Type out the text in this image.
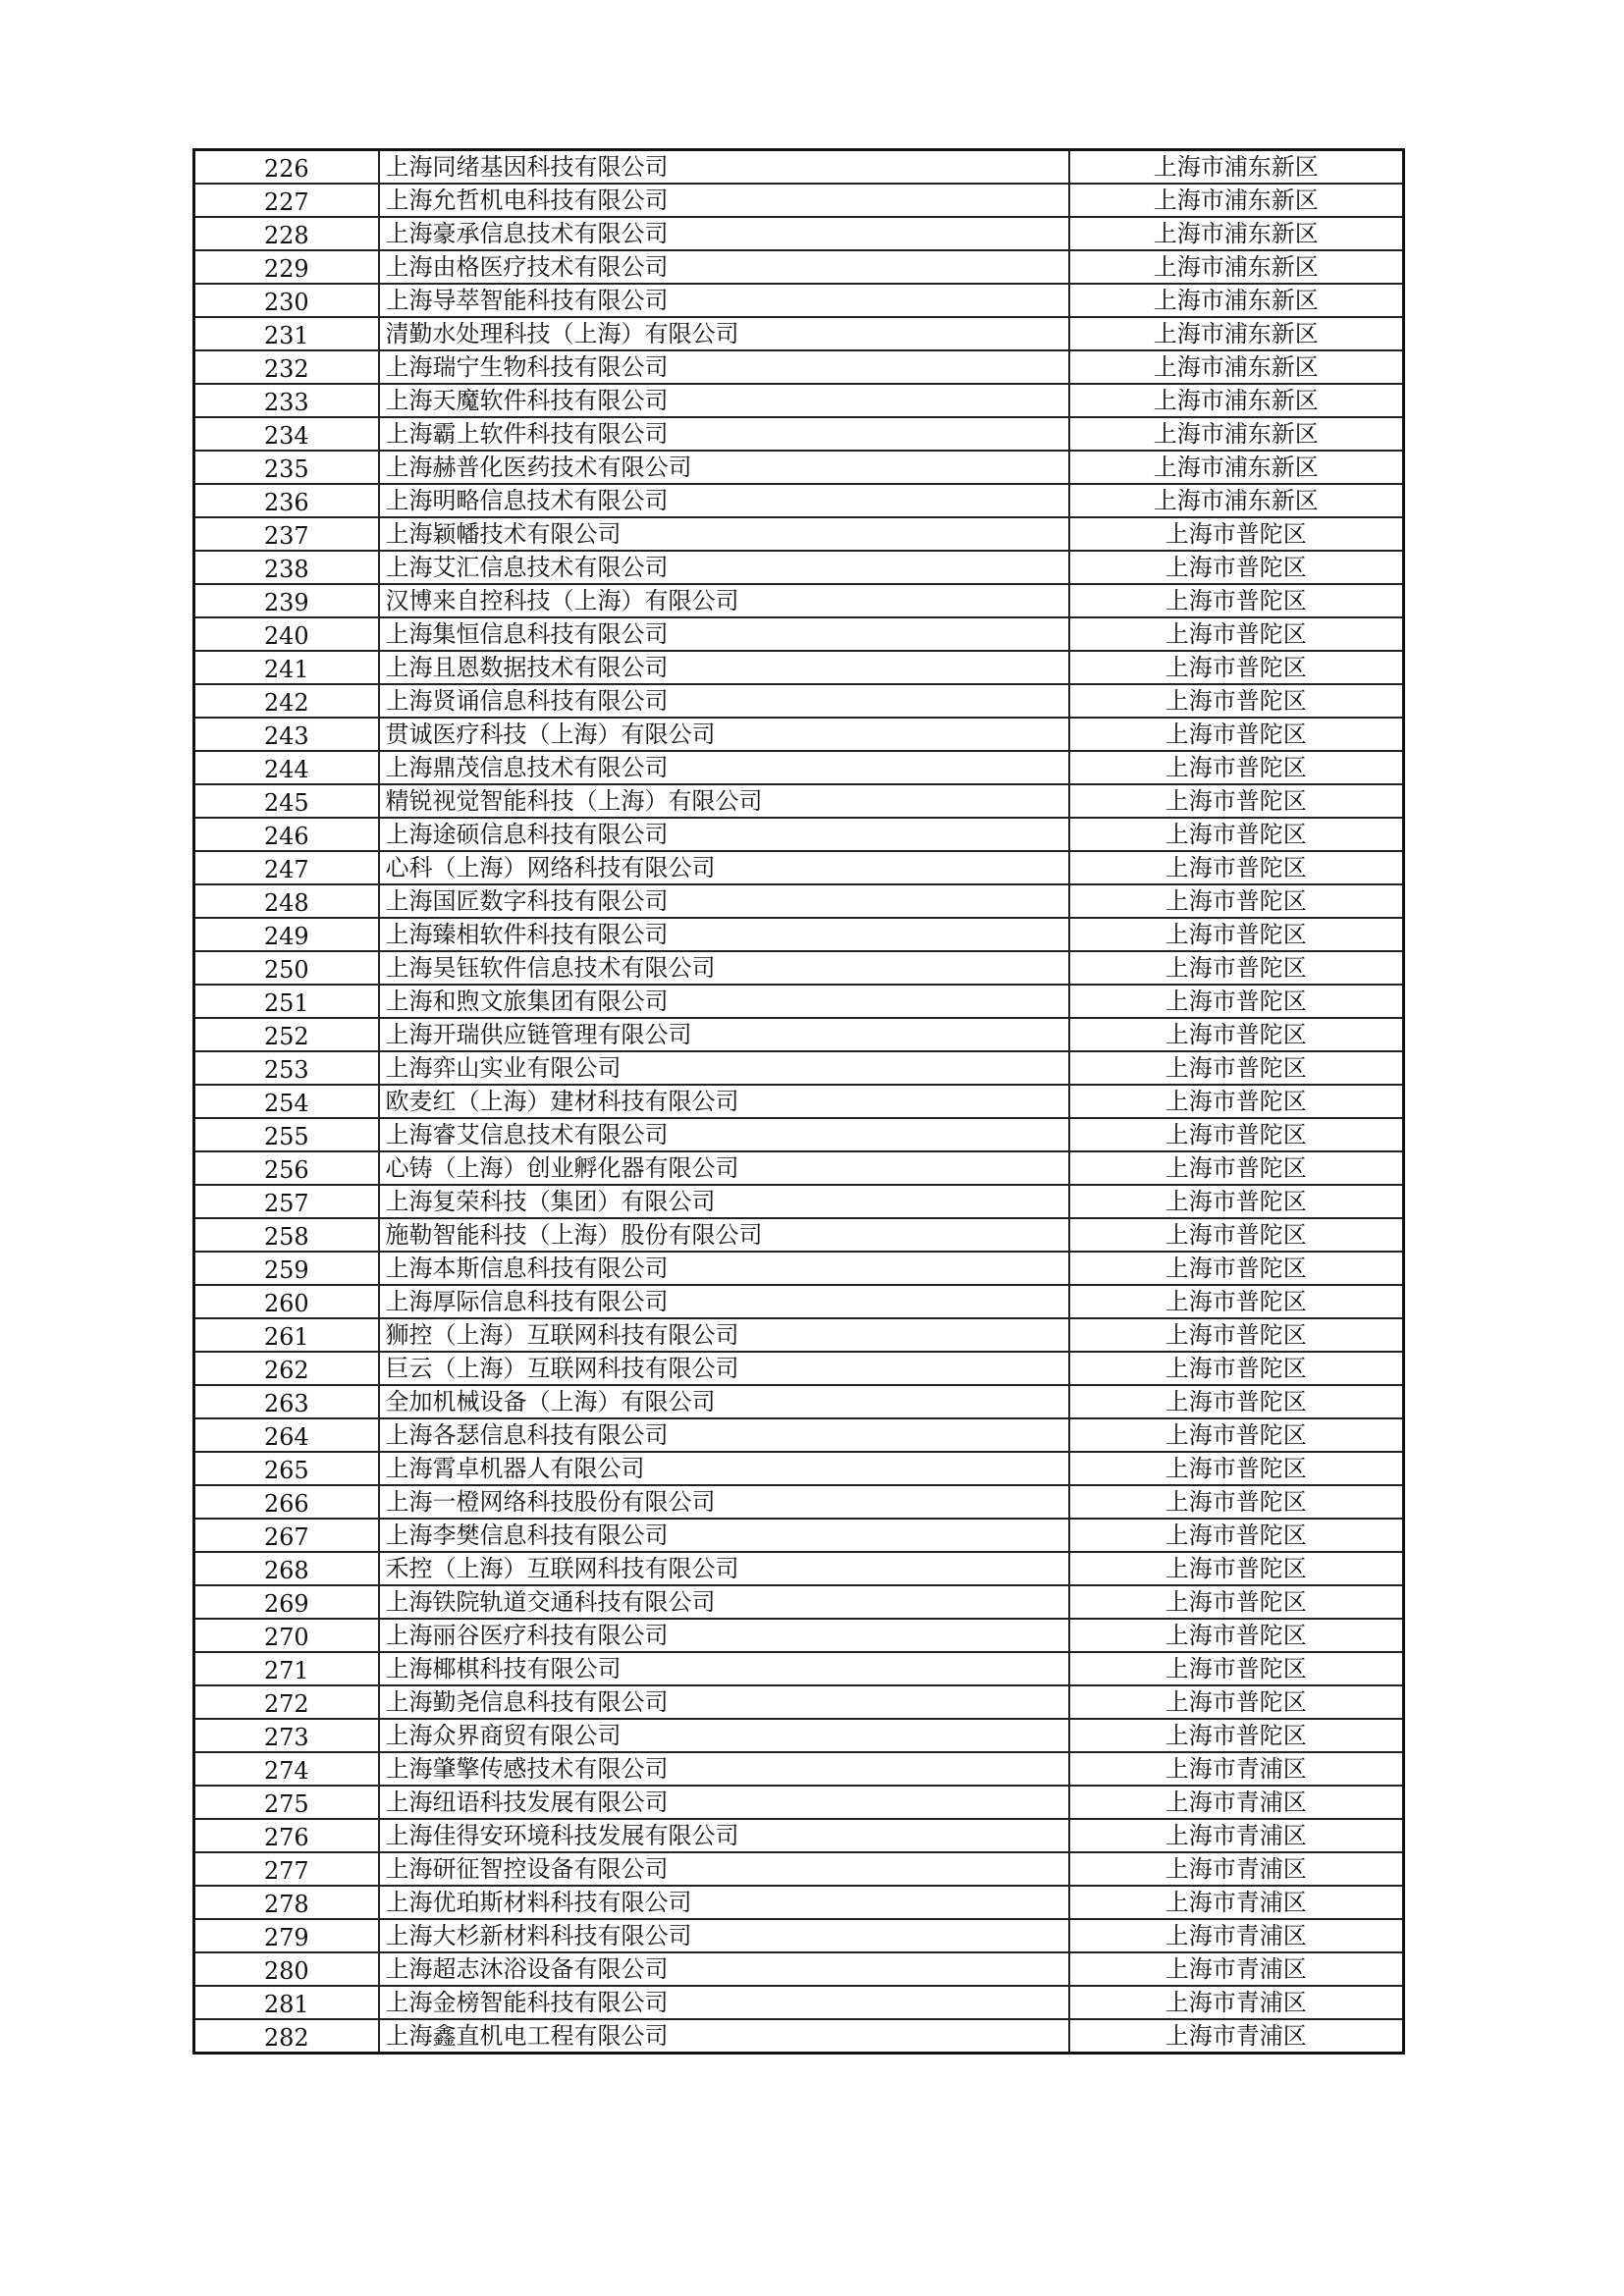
226	上海同绪基因科技有限公司	上海市浦东新区
227	上海允哲机电科技有限公司	上海市浦东新区
228	上海豪承信息技术有限公司	上海市浦东新区
229	上海由格医疗技术有限公司	上海市浦东新区
230	上海导萃智能科技有限公司	上海市浦东新区
231	清勤水处理科技（上海）有限公司	上海市浦东新区
232	上海瑞宁生物科技有限公司	上海市浦东新区
233	上海天魔软件科技有限公司	上海市浦东新区
234	上海霸上软件科技有限公司	上海市浦东新区
235	上海赫普化医药技术有限公司	上海市浦东新区
236	上海明略信息技术有限公司	上海市浦东新区
237	上海颖幡技术有限公司	上海市普陀区
238	上海艾汇信息技术有限公司	上海市普陀区
239	汉博来自控科技（上海）有限公司	上海市普陀区
240	上海集恒信息科技有限公司	上海市普陀区
241	上海且恩数据技术有限公司	上海市普陀区
242	上海贤诵信息科技有限公司	上海市普陀区
243	贯诚医疗科技（上海）有限公司	上海市普陀区
244	上海鼎茂信息技术有限公司	上海市普陀区
245	精锐视觉智能科技（上海）有限公司	上海市普陀区
246	上海途硕信息科技有限公司	上海市普陀区
247	心科（上海）网络科技有限公司	上海市普陀区
248	上海国匠数字科技有限公司	上海市普陀区
249	上海臻相软件科技有限公司	上海市普陀区
250	上海昊钰软件信息技术有限公司	上海市普陀区
251	上海和煦文旅集团有限公司	上海市普陀区
252	上海开瑞供应链管理有限公司	上海市普陀区
253	上海弈山实业有限公司	上海市普陀区
254	欧麦红（上海）建材科技有限公司	上海市普陀区
255	上海睿艾信息技术有限公司	上海市普陀区
256	心铸（上海）创业孵化器有限公司	上海市普陀区
257	上海复荣科技（集团）有限公司	上海市普陀区
258	施勒智能科技（上海）股份有限公司	上海市普陀区
259	上海本斯信息科技有限公司	上海市普陀区
260	上海厚际信息科技有限公司	上海市普陀区
261	狮控（上海）互联网科技有限公司	上海市普陀区
262	巨云（上海）互联网科技有限公司	上海市普陀区
263	全加机械设备（上海）有限公司	上海市普陀区
264	上海各瑟信息科技有限公司	上海市普陀区
265	上海霄卓机器人有限公司	上海市普陀区
266	上海一橙网络科技股份有限公司	上海市普陀区
267	上海李樊信息科技有限公司	上海市普陀区
268	禾控（上海）互联网科技有限公司	上海市普陀区
269	上海铁院轨道交通科技有限公司	上海市普陀区
270	上海丽谷医疗科技有限公司	上海市普陀区
271	上海椰棋科技有限公司	上海市普陀区
272	上海勤尧信息科技有限公司	上海市普陀区
273	上海众界商贸有限公司	上海市普陀区
274	上海肇擎传感技术有限公司	上海市青浦区
275	上海纽语科技发展有限公司	上海市青浦区
276	上海佳得安环境科技发展有限公司	上海市青浦区
277	上海研征智控设备有限公司	上海市青浦区
278	上海优珀斯材料科技有限公司	上海市青浦区
279	上海大杉新材料科技有限公司	上海市青浦区
280	上海超志沐浴设备有限公司	上海市青浦区
281	上海金榜智能科技有限公司	上海市青浦区
282	上海鑫直机电工程有限公司	上海市青浦区
